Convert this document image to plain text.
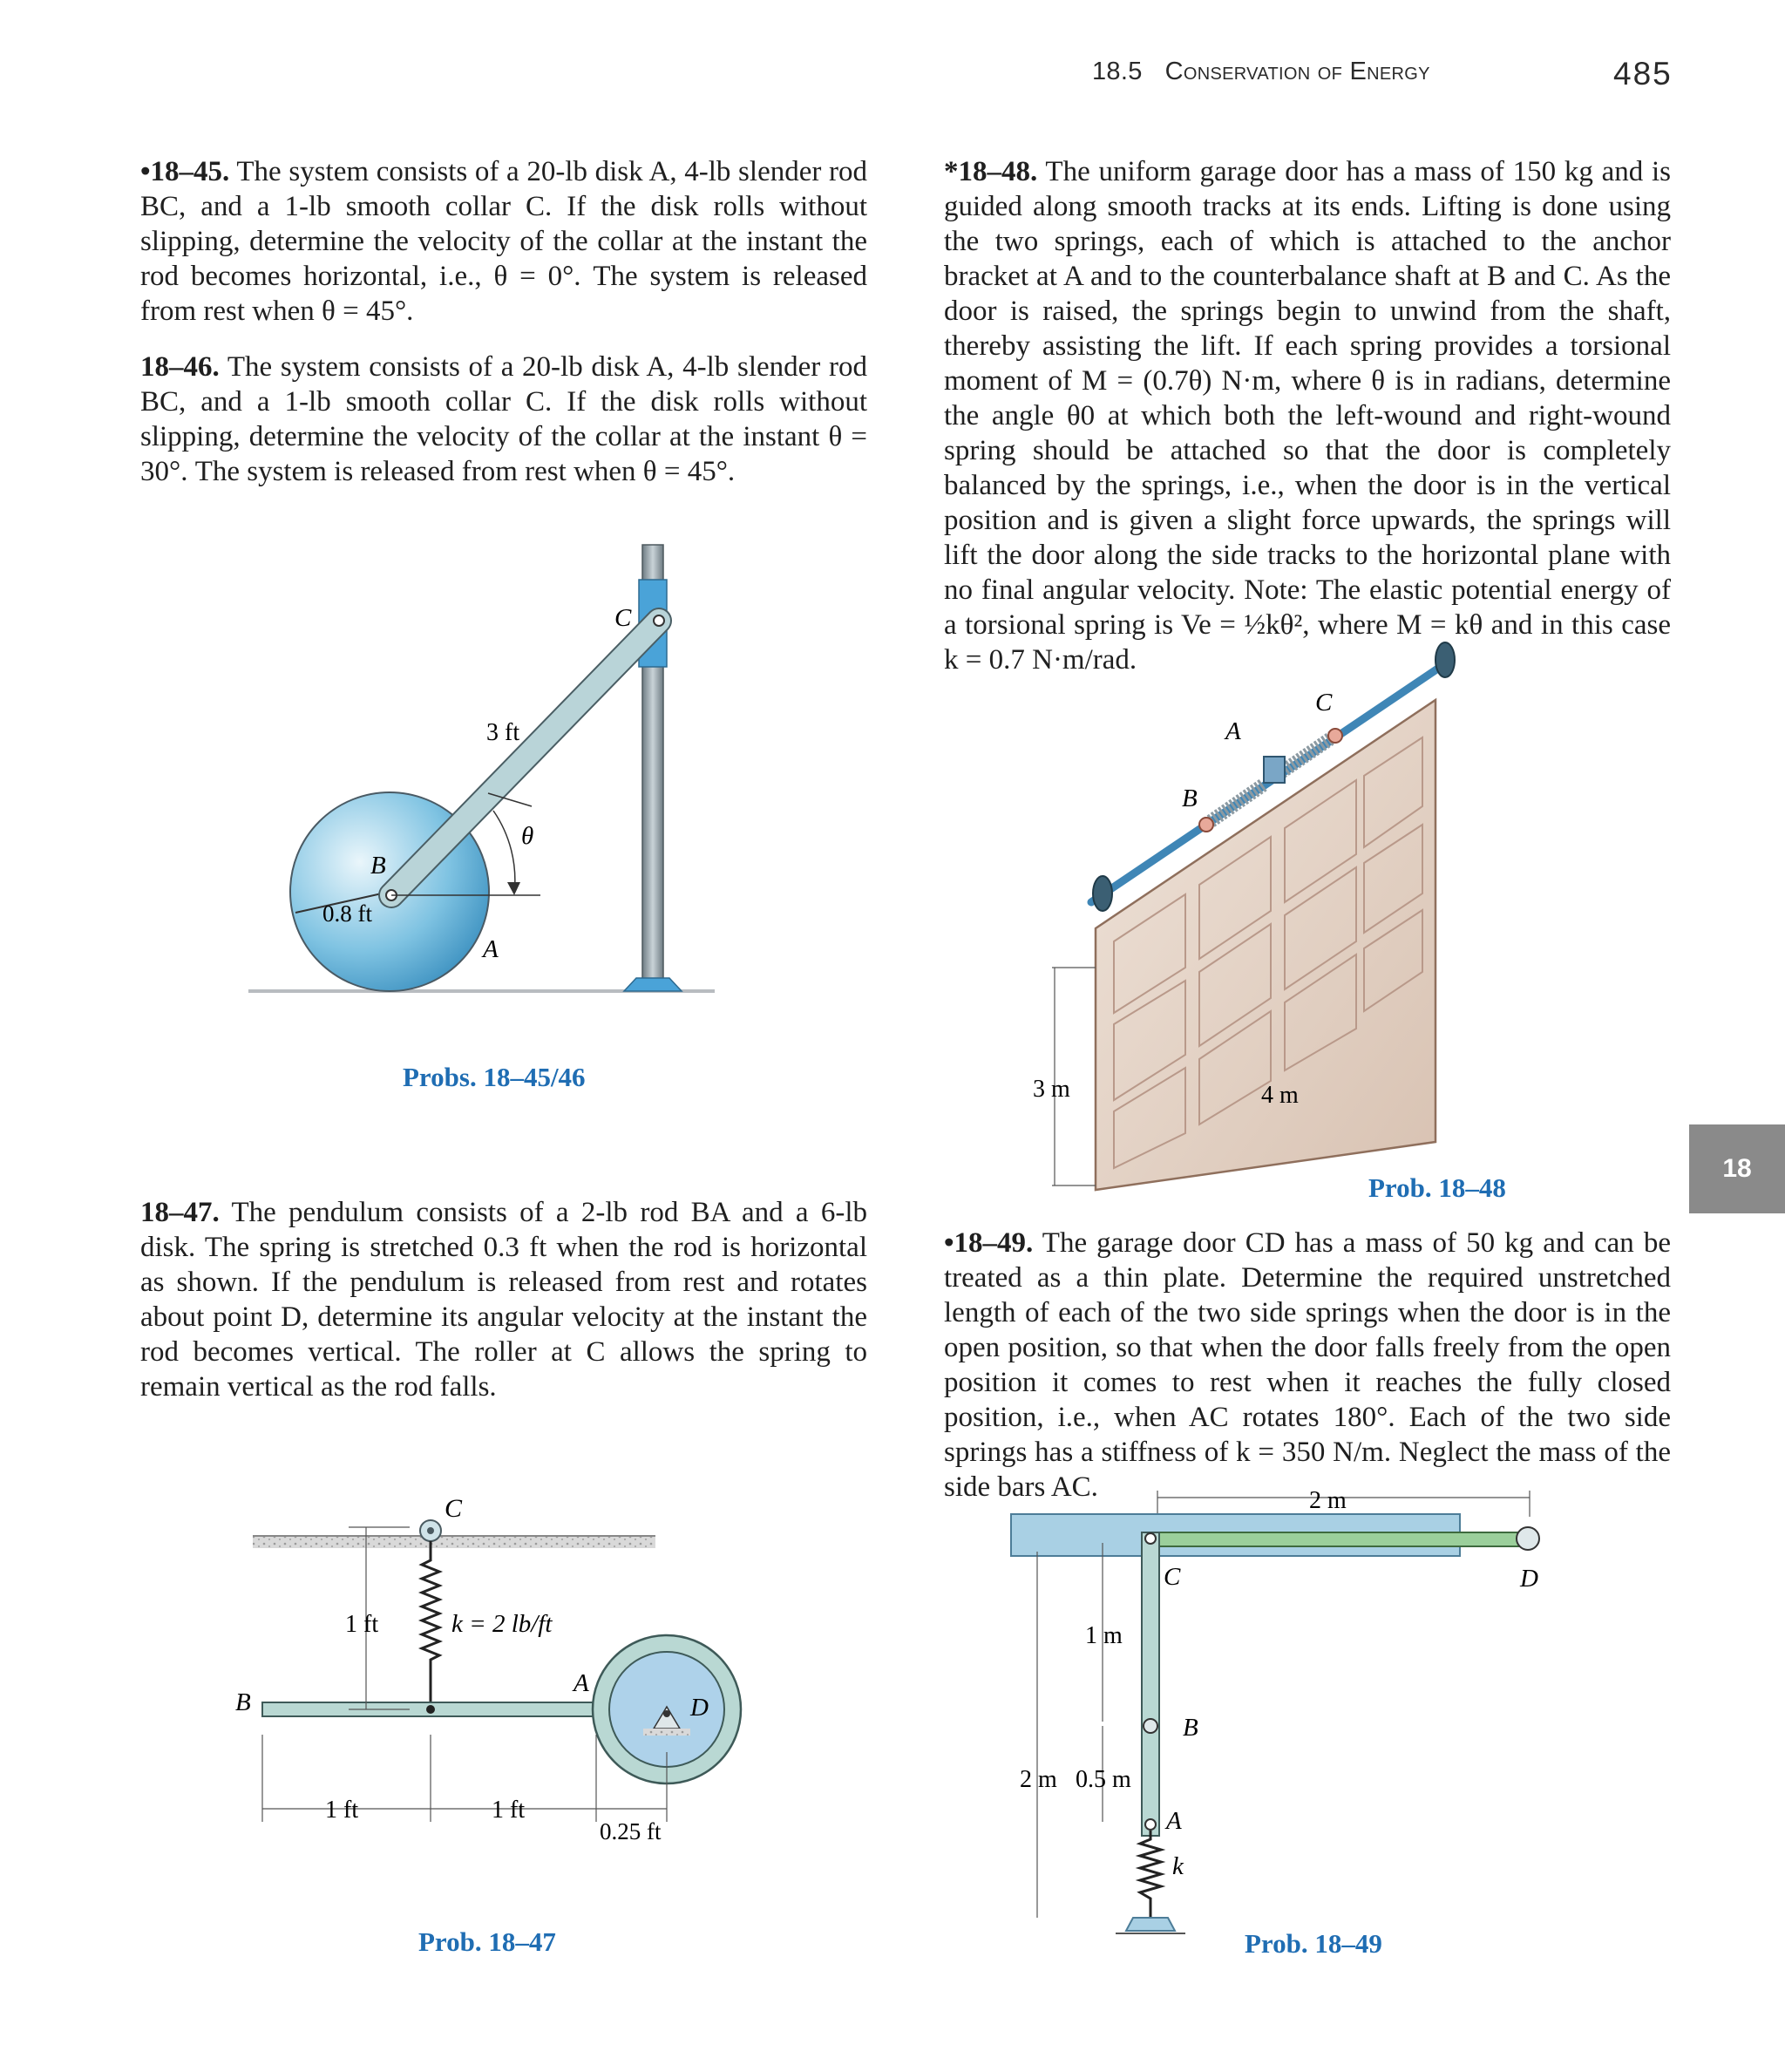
18.5 Conservation of Energy	485
18

•18–45. The system consists of a 20-lb disk A, 4-lb slender rod BC, and a 1-lb smooth collar C. If the disk rolls without slipping, determine the velocity of the collar at the instant the rod becomes horizontal, i.e., θ = 0°. The system is released from rest when θ = 45°.

18–46. The system consists of a 20-lb disk A, 4-lb slender rod BC, and a 1-lb smooth collar C. If the disk rolls without slipping, determine the velocity of the collar at the instant θ = 30°. The system is released from rest when θ = 45°.

18–47. The pendulum consists of a 2-lb rod BA and a 6-lb disk. The spring is stretched 0.3 ft when the rod is horizontal as shown. If the pendulum is released from rest and rotates about point D, determine its angular velocity at the instant the rod becomes vertical. The roller at C allows the spring to remain vertical as the rod falls.

*18–48. The uniform garage door has a mass of 150 kg and is guided along smooth tracks at its ends. Lifting is done using the two springs, each of which is attached to the anchor bracket at A and to the counterbalance shaft at B and C. As the door is raised, the springs begin to unwind from the shaft, thereby assisting the lift. If each spring provides a torsional moment of M = (0.7θ) N·m, where θ is in radians, determine the angle θ0 at which both the left-wound and right-wound spring should be attached so that the door is completely balanced by the springs, i.e., when the door is in the vertical position and is given a slight force upwards, the springs will lift the door along the side tracks to the horizontal plane with no final angular velocity. Note: The elastic potential energy of a torsional spring is Ve = ½kθ², where M = kθ and in this case k = 0.7 N·m/rad.

•18–49. The garage door CD has a mass of 50 kg and can be treated as a thin plate. Determine the required unstretched length of each of the two side springs when the door is in the open position, so that when the door falls freely from the open position it comes to rest when it reaches the fully closed position, i.e., when AC rotates 180°. Each of the two side springs has a stiffness of k = 350 N/m. Neglect the mass of the side bars AC.

C
3 ft
θ
B
0.8 ft
A
Probs. 18–45/46
C
1 ft	k = 2 lb/ft
B
A
D
1 ft	1 ft
0.25 ft
Prob. 18–47
A
B
C
3 m	4 m
Prob. 18–48
C	D
2 m
1 m
B
2 m 0.5 m
A
k
Prob. 18–49
